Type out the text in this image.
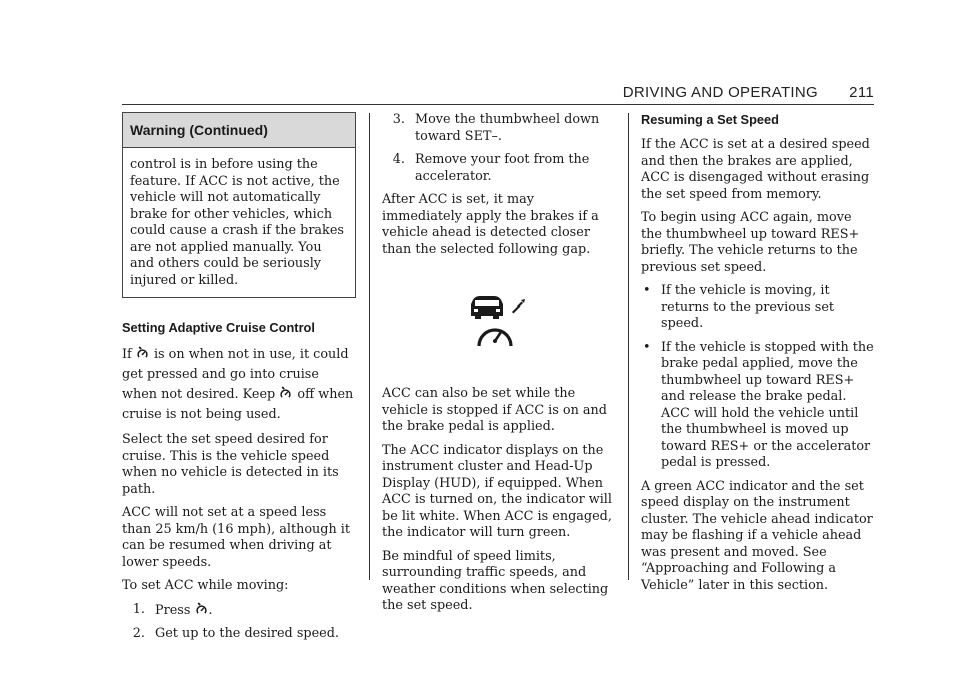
DRIVING AND OPERATING 211
Warning (Continued)
control is in before using the feature. If ACC is not active, the vehicle will not automatically brake for other vehicles, which could cause a crash if the brakes are not applied manually. You and others could be seriously injured or killed.
Setting Adaptive Cruise Control

If is on when not in use, it could get pressed and go into cruise when not desired. Keep off when cruise is not being used.

Select the set speed desired for cruise. This is the vehicle speed when no vehicle is detected in its path.

ACC will not set at a speed less than 25 km/h (16 mph), although it can be resumed when driving at lower speeds.

To set ACC while moving:

1. Press .
2. Get up to the desired speed.
3. Move the thumbwheel down toward SET–.
4. Remove your foot from the accelerator.

After ACC is set, it may immediately apply the brakes if a vehicle ahead is detected closer than the selected following gap.

ACC can also be set while the vehicle is stopped if ACC is on and the brake pedal is applied.

The ACC indicator displays on the instrument cluster and Head-Up Display (HUD), if equipped. When ACC is turned on, the indicator will be lit white. When ACC is engaged, the indicator will turn green.

Be mindful of speed limits, surrounding traffic speeds, and weather conditions when selecting the set speed.

Resuming a Set Speed

If the ACC is set at a desired speed and then the brakes are applied, ACC is disengaged without erasing the set speed from memory.

To begin using ACC again, move the thumbwheel up toward RES+ briefly. The vehicle returns to the previous set speed.

• If the vehicle is moving, it returns to the previous set speed.
• If the vehicle is stopped with the brake pedal applied, move the thumbwheel up toward RES+ and release the brake pedal. ACC will hold the vehicle until the thumbwheel is moved up toward RES+ or the accelerator pedal is pressed.

A green ACC indicator and the set speed display on the instrument cluster. The vehicle ahead indicator may be flashing if a vehicle ahead was present and moved. See “Approaching and Following a Vehicle” later in this section.
